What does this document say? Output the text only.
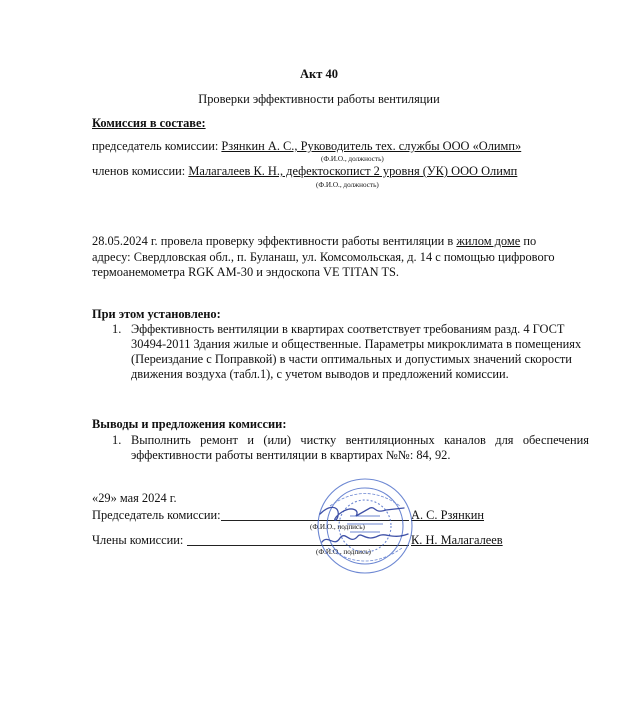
Акт 40
Проверки эффективности работы вентиляции
Комиссия в составе:
председатель комиссии: Рзянкин А. С., Руководитель тех. службы ООО «Олимп»
(Ф.И.О., должность)
членов комиссии: Малагалеев К. Н., дефектоскопист 2 уровня (УК) ООО Олимп
(Ф.И.О., должность)
28.05.2024 г. провела проверку эффективности работы вентиляции в жилом доме по
адресу: Свердловская обл., п. Буланаш, ул. Комсомольская, д. 14 с помощью цифрового
термоанемометра RGK AM-30 и эндоскопа VE TITAN TS.
При этом установлено:
1. Эффективность вентиляции в квартирах соответствует требованиям разд. 4 ГОСТ 30494-2011 Здания жилые и общественные. Параметры микроклимата в помещениях (Переиздание с Поправкой) в части оптимальных и допустимых значений скорости движения воздуха (табл.1), с учетом выводов и предложений комиссии.
Выводы и предложения комиссии:
1. Выполнить ремонт и (или) чистку вентиляционных каналов для обеспечения эффективности работы вентиляции в квартирах №№: 84, 92.
«29» мая 2024 г.
Председатель комиссии:	А. С. Рзянкин
(Ф.И.О., подпись)
Члены комиссии:	К. Н. Малагалеев
(Ф.И.О., подпись)
